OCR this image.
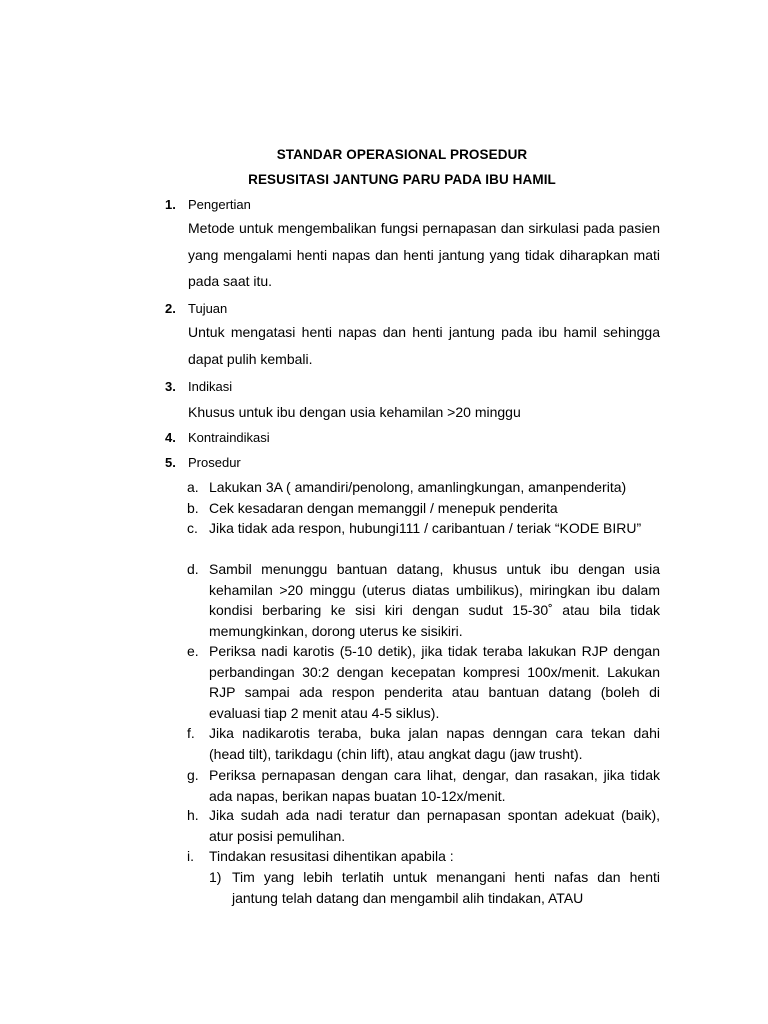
STANDAR OPERASIONAL PROSEDUR
RESUSITASI JANTUNG PARU PADA IBU HAMIL
1. Pengertian
Metode untuk mengembalikan fungsi pernapasan dan sirkulasi pada pasien yang mengalami henti napas dan henti jantung yang tidak diharapkan mati pada saat itu.
2. Tujuan
Untuk mengatasi henti napas dan henti jantung pada ibu hamil sehingga dapat pulih kembali.
3. Indikasi
Khusus untuk ibu dengan usia kehamilan >20 minggu
4. Kontraindikasi
5. Prosedur
a. Lakukan 3A ( amandiri/penolong, amanlingkungan, amanpenderita)
b. Cek kesadaran dengan memanggil / menepuk penderita
c. Jika tidak ada respon, hubungi111 / caribantuan / teriak “KODE BIRU”
d. Sambil menunggu bantuan datang, khusus untuk ibu dengan usia kehamilan >20 minggu (uterus diatas umbilikus), miringkan ibu dalam kondisi berbaring ke sisi kiri dengan sudut 15-30˚ atau bila tidak memungkinkan, dorong uterus ke sisikiri.
e. Periksa nadi karotis (5-10 detik), jika tidak teraba lakukan RJP dengan perbandingan 30:2 dengan kecepatan kompresi 100x/menit. Lakukan RJP sampai ada respon penderita atau bantuan datang (boleh di evaluasi tiap 2 menit atau 4-5 siklus).
f. Jika nadikarotis teraba, buka jalan napas denngan cara tekan dahi (head tilt), tarikdagu (chin lift), atau angkat dagu (jaw trusht).
g. Periksa pernapasan dengan cara lihat, dengar, dan rasakan, jika tidak ada napas, berikan napas buatan 10-12x/menit.
h. Jika sudah ada nadi teratur dan pernapasan spontan adekuat (baik), atur posisi pemulihan.
i. Tindakan resusitasi dihentikan apabila :
1) Tim yang lebih terlatih untuk menangani henti nafas dan henti jantung telah datang dan mengambil alih tindakan, ATAU
